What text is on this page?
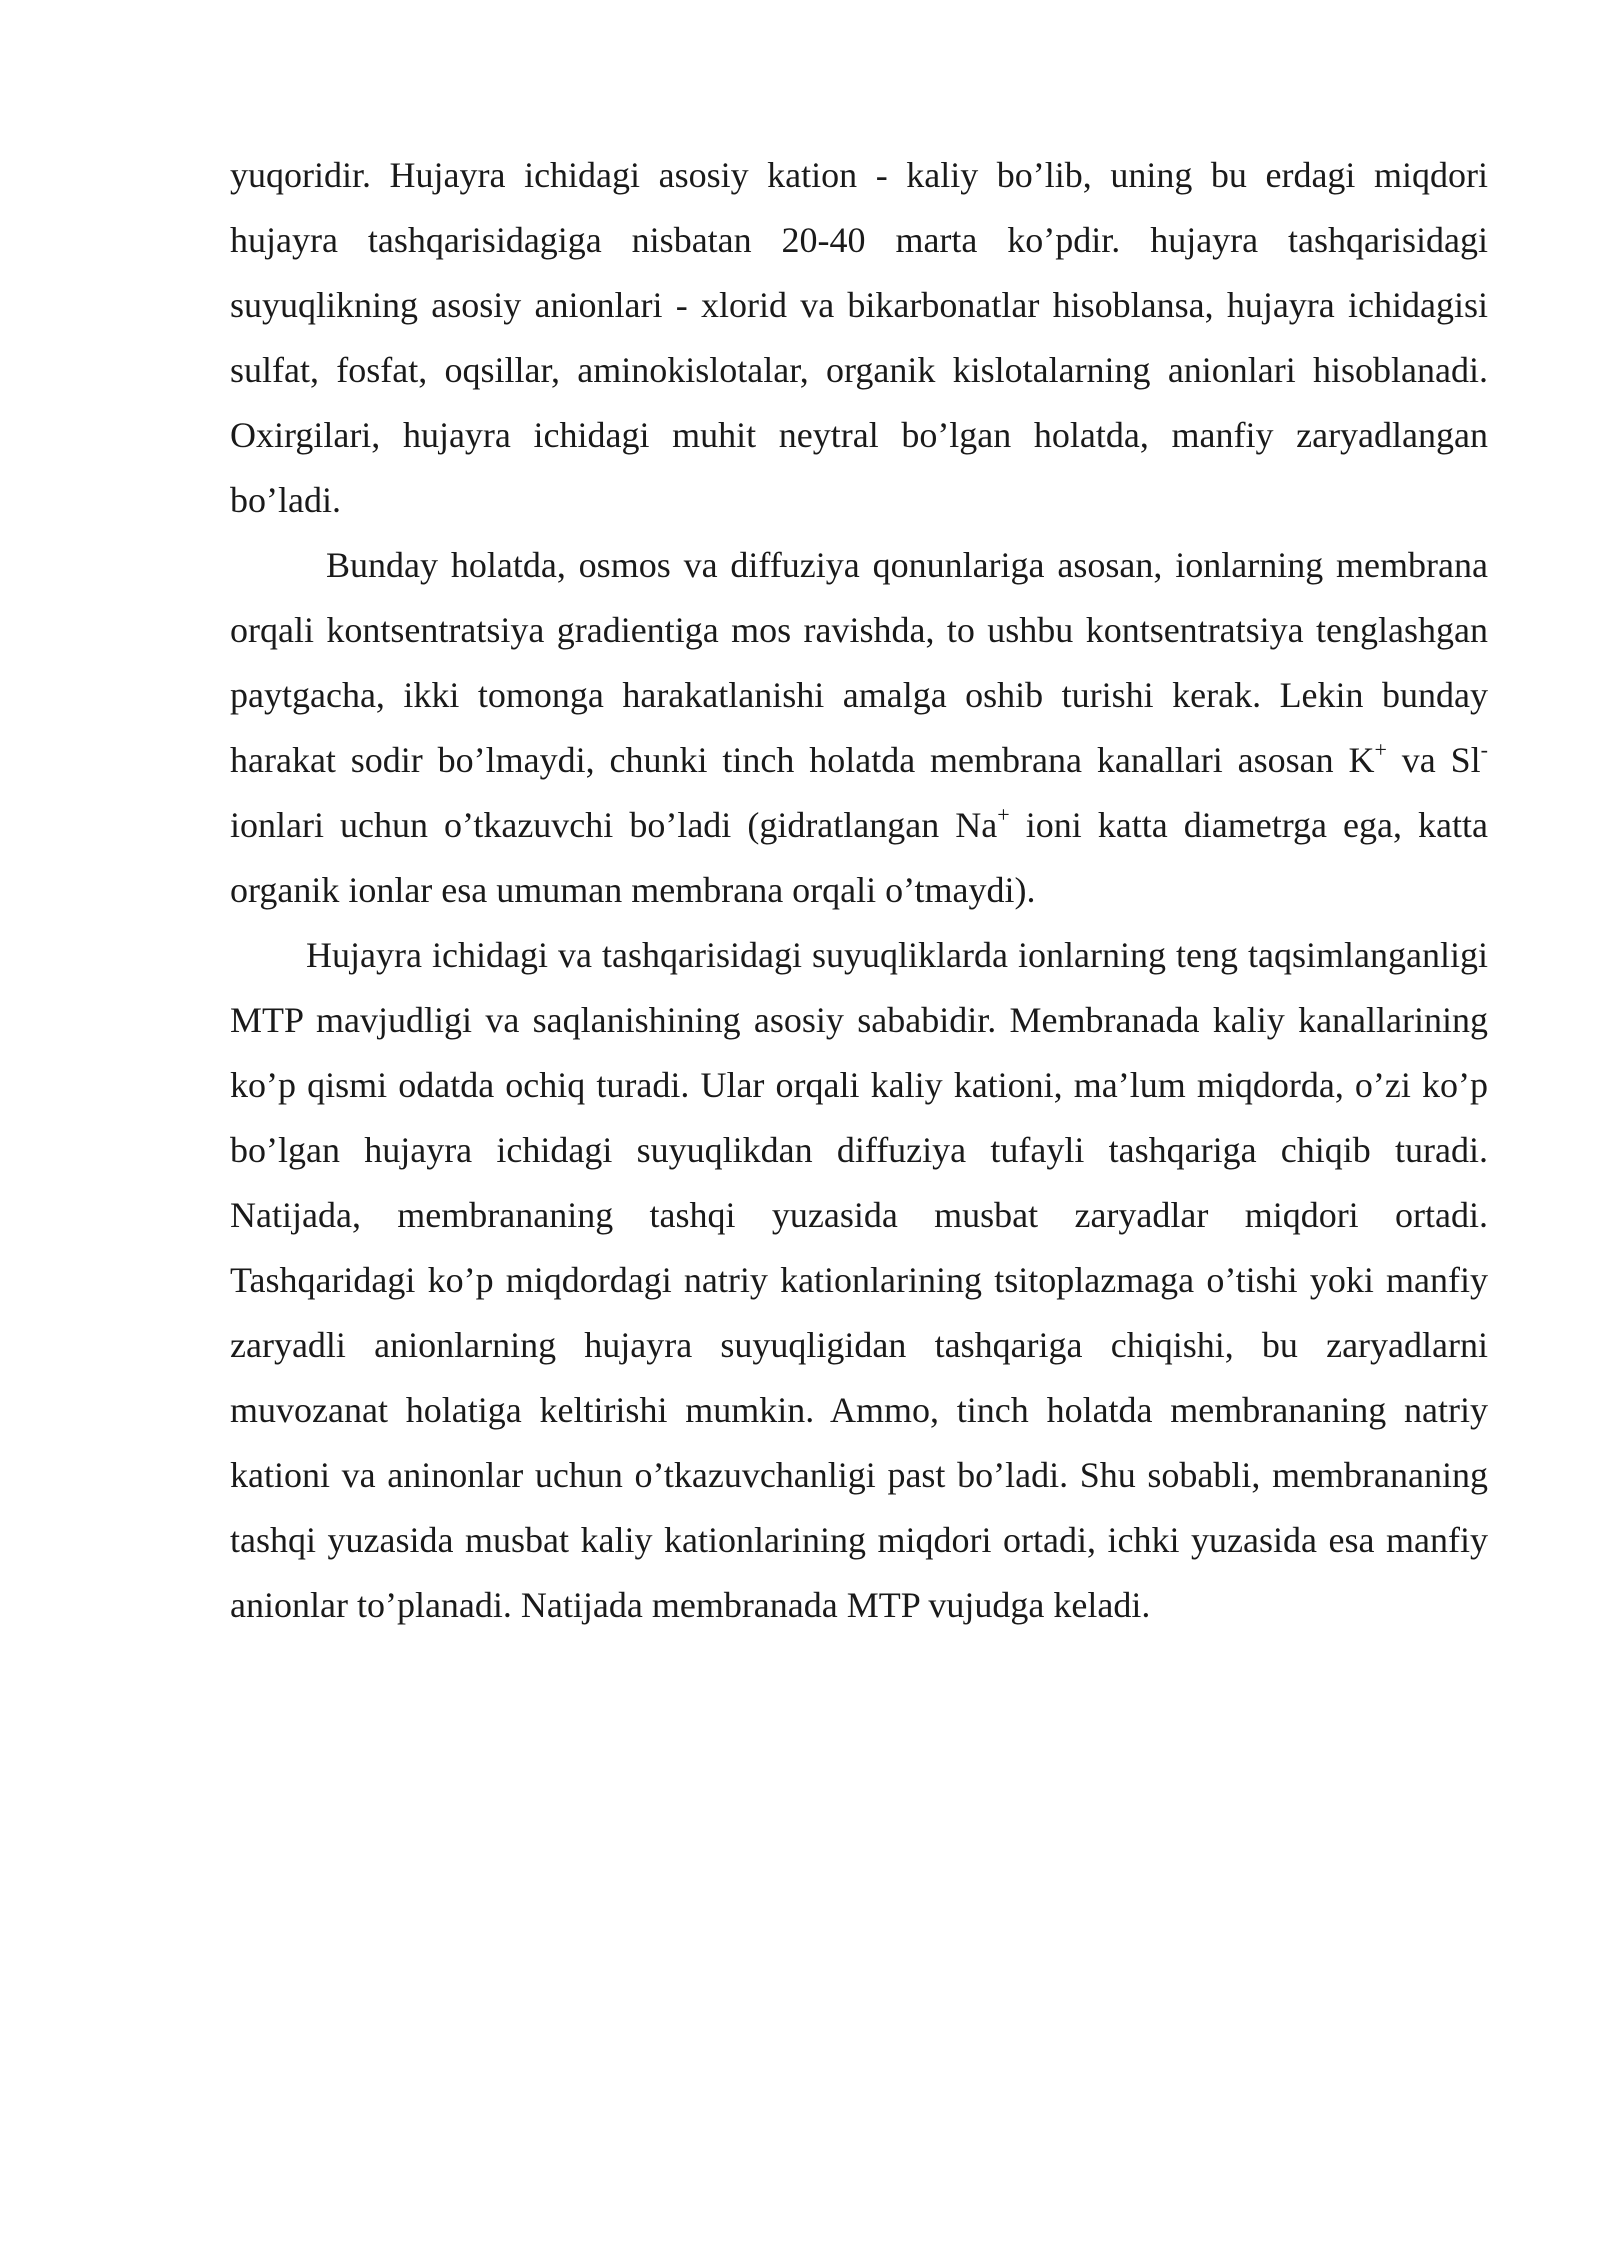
yuqoridir. Hujayra ichidagi asosiy kation - kaliy bo’lib, uning bu erdagi miqdori hujayra tashqarisidagiga nisbatan 20-40 marta ko’pdir. hujayra tashqarisidagi suyuqlikning asosiy anionlari - xlorid va bikarbonatlar hisoblansa, hujayra ichidagisi sulfat, fosfat, oqsillar, aminokislotalar, organik kislotalarning anionlari hisoblanadi. Oxirgilari, hujayra ichidagi muhit neytral bo’lgan holatda, manfiy zaryadlangan bo’ladi.

Bunday holatda, osmos va diffuziya qonunlariga asosan, ionlarning membrana orqali kontsentratsiya gradientiga mos ravishda, to ushbu kontsentratsiya tenglashgan paytgacha, ikki tomonga harakatlanishi amalga oshib turishi kerak. Lekin bunday harakat sodir bo’lmaydi, chunki tinch holatda membrana kanallari asosan K+ va Sl- ionlari uchun o’tkazuvchi bo’ladi (gidratlangan Na+ ioni katta diametrga ega, katta organik ionlar esa umuman membrana orqali o’tmaydi).

Hujayra ichidagi va tashqarisidagi suyuqliklarda ionlarning teng taqsimlanganligi MTP mavjudligi va saqlanishining asosiy sababidir. Membranada kaliy kanallarining ko’p qismi odatda ochiq turadi. Ular orqali kaliy kationi, ma’lum miqdorda, o’zi ko’p bo’lgan hujayra ichidagi suyuqlikdan diffuziya tufayli tashqariga chiqib turadi. Natijada, membrananing tashqi yuzasida musbat zaryadlar miqdori ortadi. Tashqaridagi ko’p miqdordagi natriy kationlarining tsitoplazmaga o’tishi yoki manfiy zaryadli anionlarning hujayra suyuqligidan tashqariga chiqishi, bu zaryadlarni muvozanat holatiga keltirishi mumkin. Ammo, tinch holatda membrananing natriy kationi va aninonlar uchun o’tkazuvchanligi past bo’ladi. Shu sobabli, membrananing tashqi yuzasida musbat kaliy kationlarining miqdori ortadi, ichki yuzasida esa manfiy anionlar to’planadi. Natijada membranada MTP vujudga keladi.
